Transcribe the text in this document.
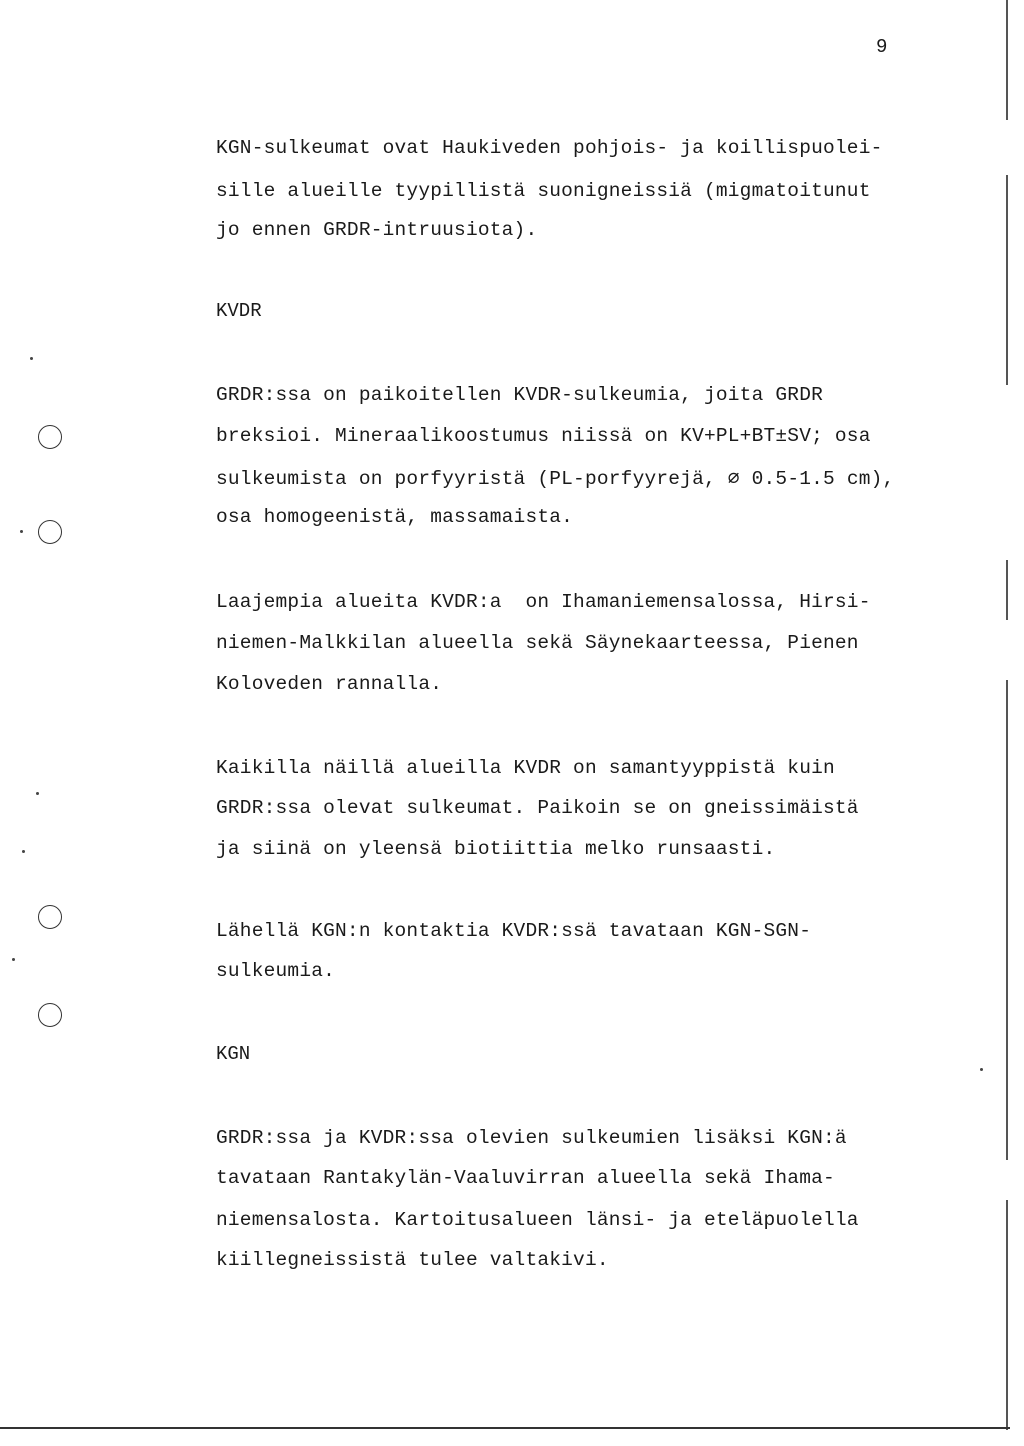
9
KGN-sulkeumat ovat Haukiveden pohjois- ja koillispuolei-
sille alueille tyypillistä suonigneissiä (migmatoitunut
jo ennen GRDR-intruusiota).
KVDR
GRDR:ssa on paikoitellen KVDR-sulkeumia, joita GRDR
breksioi. Mineraalikoostumus niissä on KV+PL+BT±SV; osa
sulkeumista on porfyyristä (PL-porfyyrejä, ⌀ 0.5-1.5 cm),
osa homogeenistä, massamaista.
Laajempia alueita KVDR:a  on Ihamaniemensalossa, Hirsi-
niemen-Malkkilan alueella sekä Säynekaarteessa, Pienen
Koloveden rannalla.
Kaikilla näillä alueilla KVDR on samantyyppistä kuin
GRDR:ssa olevat sulkeumat. Paikoin se on gneissimäistä
ja siinä on yleensä biotiittia melko runsaasti.
Lähellä KGN:n kontaktia KVDR:ssä tavataan KGN-SGN-
sulkeumia.
KGN
GRDR:ssa ja KVDR:ssa olevien sulkeumien lisäksi KGN:ä
tavataan Rantakylän-Vaaluvirran alueella sekä Ihama-
niemensalosta. Kartoitusalueen länsi- ja eteläpuolella
kiillegneissistä tulee valtakivi.
